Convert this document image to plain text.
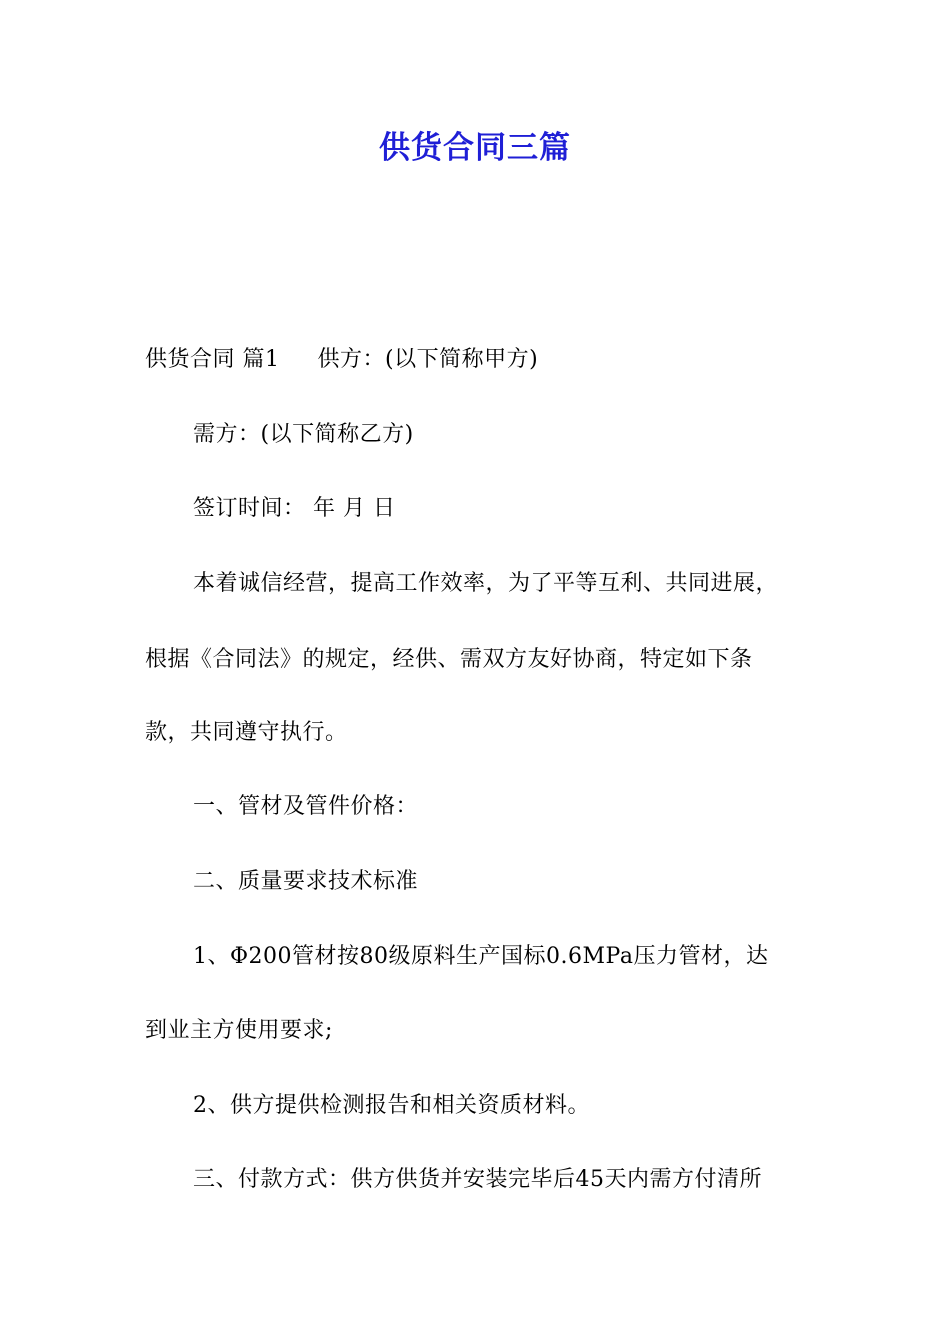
供货合同三篇
供货合同 篇1 供方：(以下简称甲方)
需方：(以下简称乙方)
签订时间： 年 月 日
本着诚信经营，提高工作效率，为了平等互利、共同进展，
根据《合同法》的规定，经供、需双方友好协商，特定如下条
款，共同遵守执行。
一、管材及管件价格：
二、质量要求技术标准
1、Φ200管材按80级原料生产国标0.6MPa压力管材，达
到业主方使用要求;
2、供方提供检测报告和相关资质材料。
三、付款方式：供方供货并安装完毕后45天内需方付清所
